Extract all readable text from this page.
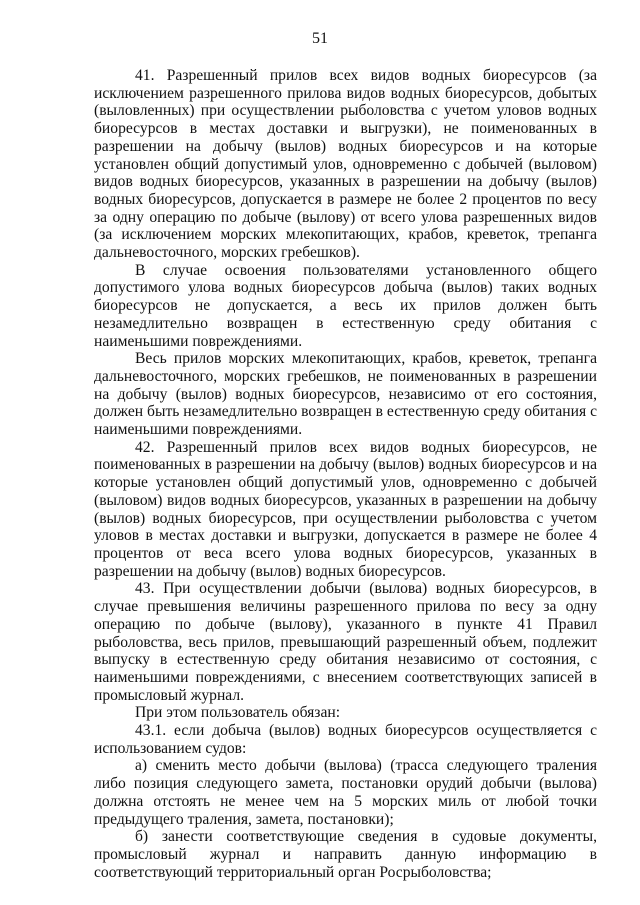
51

41. Разрешенный прилов всех видов водных биоресурсов (за исключением разрешенного прилова видов водных биоресурсов, добытых (выловленных) при осуществлении рыболовства с учетом уловов водных биоресурсов в местах доставки и выгрузки), не поименованных в разрешении на добычу (вылов) водных биоресурсов и на которые установлен общий допустимый улов, одновременно с добычей (выловом) видов водных биоресурсов, указанных в разрешении на добычу (вылов) водных биоресурсов, допускается в размере не более 2 процентов по весу за одну операцию по добыче (вылову) от всего улова разрешенных видов (за исключением морских млекопитающих, крабов, креветок, трепанга дальневосточного, морских гребешков).

В случае освоения пользователями установленного общего допустимого улова водных биоресурсов добыча (вылов) таких водных биоресурсов не допускается, а весь их прилов должен быть незамедлительно возвращен в естественную среду обитания с наименьшими повреждениями.

Весь прилов морских млекопитающих, крабов, креветок, трепанга дальневосточного, морских гребешков, не поименованных в разрешении на добычу (вылов) водных биоресурсов, независимо от его состояния, должен быть незамедлительно возвращен в естественную среду обитания с наименьшими повреждениями.

42. Разрешенный прилов всех видов водных биоресурсов, не поименованных в разрешении на добычу (вылов) водных биоресурсов и на которые установлен общий допустимый улов, одновременно с добычей (выловом) видов водных биоресурсов, указанных в разрешении на добычу (вылов) водных биоресурсов, при осуществлении рыболовства с учетом уловов в местах доставки и выгрузки, допускается в размере не более 4 процентов от веса всего улова водных биоресурсов, указанных в разрешении на добычу (вылов) водных биоресурсов.

43. При осуществлении добычи (вылова) водных биоресурсов, в случае превышения величины разрешенного прилова по весу за одну операцию по добыче (вылову), указанного в пункте 41 Правил рыболовства, весь прилов, превышающий разрешенный объем, подлежит выпуску в естественную среду обитания независимо от состояния, с наименьшими повреждениями, с внесением соответствующих записей в промысловый журнал.

При этом пользователь обязан:

43.1. если добыча (вылов) водных биоресурсов осуществляется с использованием судов:

а) сменить место добычи (вылова) (трасса следующего траления либо позиция следующего замета, постановки орудий добычи (вылова) должна отстоять не менее чем на 5 морских миль от любой точки предыдущего траления, замета, постановки);

б) занести соответствующие сведения в судовые документы, промысловый журнал и направить данную информацию в соответствующий территориальный орган Росрыболовства;
